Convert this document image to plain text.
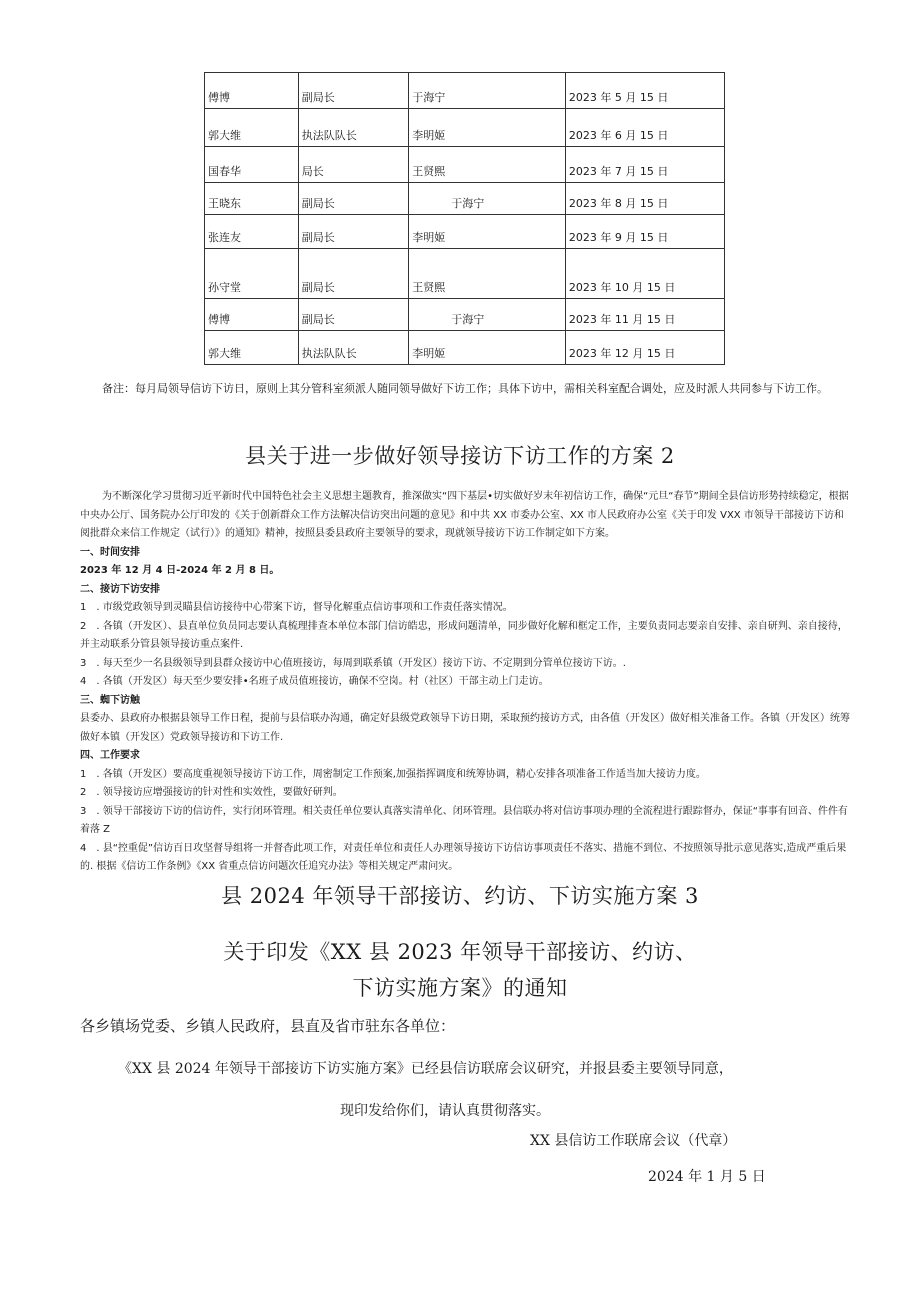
傅博	副局长	于海宁	2023 年 5 月 15 日
郭大维	执法队队长	李明姬	2023 年 6 月 15 日
国春华	局长	王贤熙	2023 年 7 月 15 日
王晓东	副局长	于海宁	2023 年 8 月 15 日
张连友	副局长	李明姬	2023 年 9 月 15 日
孙守堂	副局长	王贤熙	2023 年 10 月 15 日
傅博	副局长	于海宁	2023 年 11 月 15 日
郭大维	执法队队长	李明姬	2023 年 12 月 15 日
备注：每月局领导信访下访日，原则上其分管科室须派人随同领导做好下访工作；具体下访中，需相关科室配合调处，应及时派人共同参与下访工作。
县关于进一步做好领导接访下访工作的方案 2

为不断深化学习贯彻习近平新时代中国特色社会主义思想主题教育，推深做实“四下基层•切实做好岁末年初信访工作，确保“元旦“春节”期间全县信访形势持续稳定，根据中央办公厅、国务院办公厅印发的《关于创新群众工作方法解决信访突出问题的意见》和中共 XX 市委办公室、XX 市人民政府办公室《关于印发 VXX 市领导干部接访下访和阅批群众来信工作规定（试行）》的通知》精神，按照县委县政府主要领导的要求，现就领导接访下访工作制定如下方案。

一、时间安排

2023 年 12 月 4 日-2024 年 2 月 8 日。

二、接访下访安排

1　. 市级党政领导到灵瞄县信访接待中心带案下访，督导化解重点信访事项和工作责任落实情况。

2　. 各镇（开发区）、县直单位负员同志要认真梳理排查本单位本部门信访皓忠，形成问题清单，同步做好化解和框定工作，主要负责同志要亲自安排、亲自研判、亲自接待，并主动联系分管县领导接访重点案件.

3　. 每天至少一名县级领导到县群众接访中心值班接访，每周到联系镇（开发区）接访下访、不定期到分管单位接访下访。.

4　. 各镇（开发区）每天至少要安排•名班子成员值班接访，确保不空岗。村（社区）干部主动上门走访。

三、蜘下访触

县委办、县政府办根据县领导工作日程，提前与县信联办沟通，确定好县级党政领导下访日期，采取预约接访方式，由各值（开发区）做好相关准备工作。各镇（开发区）统筹做好本镇（开发区）党政领导接访和下访工作.

四、工作要求

1　. 各镇（开发区）要高度重视领导接访下访工作，周密制定工作预案,加强指挥调度和统筹协调，精心安排各项准备工作适当加大接访力度。

2　. 领导接访应增强接访的针对性和实效性，要做好研判。

3　. 领导干部接访下访的信访件，实行闭环管理。相关责任单位要认真落实清单化、闭环管理。县信联办将对信访事项办理的全流程进行跟踪督办，保证“事事有回音、件件有着落 Z

4　. 县“控重促”信访百日攻坚督导组将一并督杳此项工作，对责任单位和责任人办理领导接访下访信访事项责任不落实、措施不到位、不按照领导批示意见落实,造成严重后果的. 根据《信访工作条例》《XX 省重点信访问题次任追究办法》等相关规定严肃问灾。

县 2024 年领导干部接访、约访、下访实施方案 3
关于印发《XX 县 2023 年领导干部接访、约访、
下访实施方案》的通知

各乡镇场党委、乡镇人民政府，县直及省市驻东各单位：

《XX 县 2024 年领导干部接访下访实施方案》已经县信访联席会议研究，并报县委主要领导同意，

现印发给你们，请认真贯彻落实。

XX 县信访工作联席会议（代章）

2024 年 1 月 5 日
